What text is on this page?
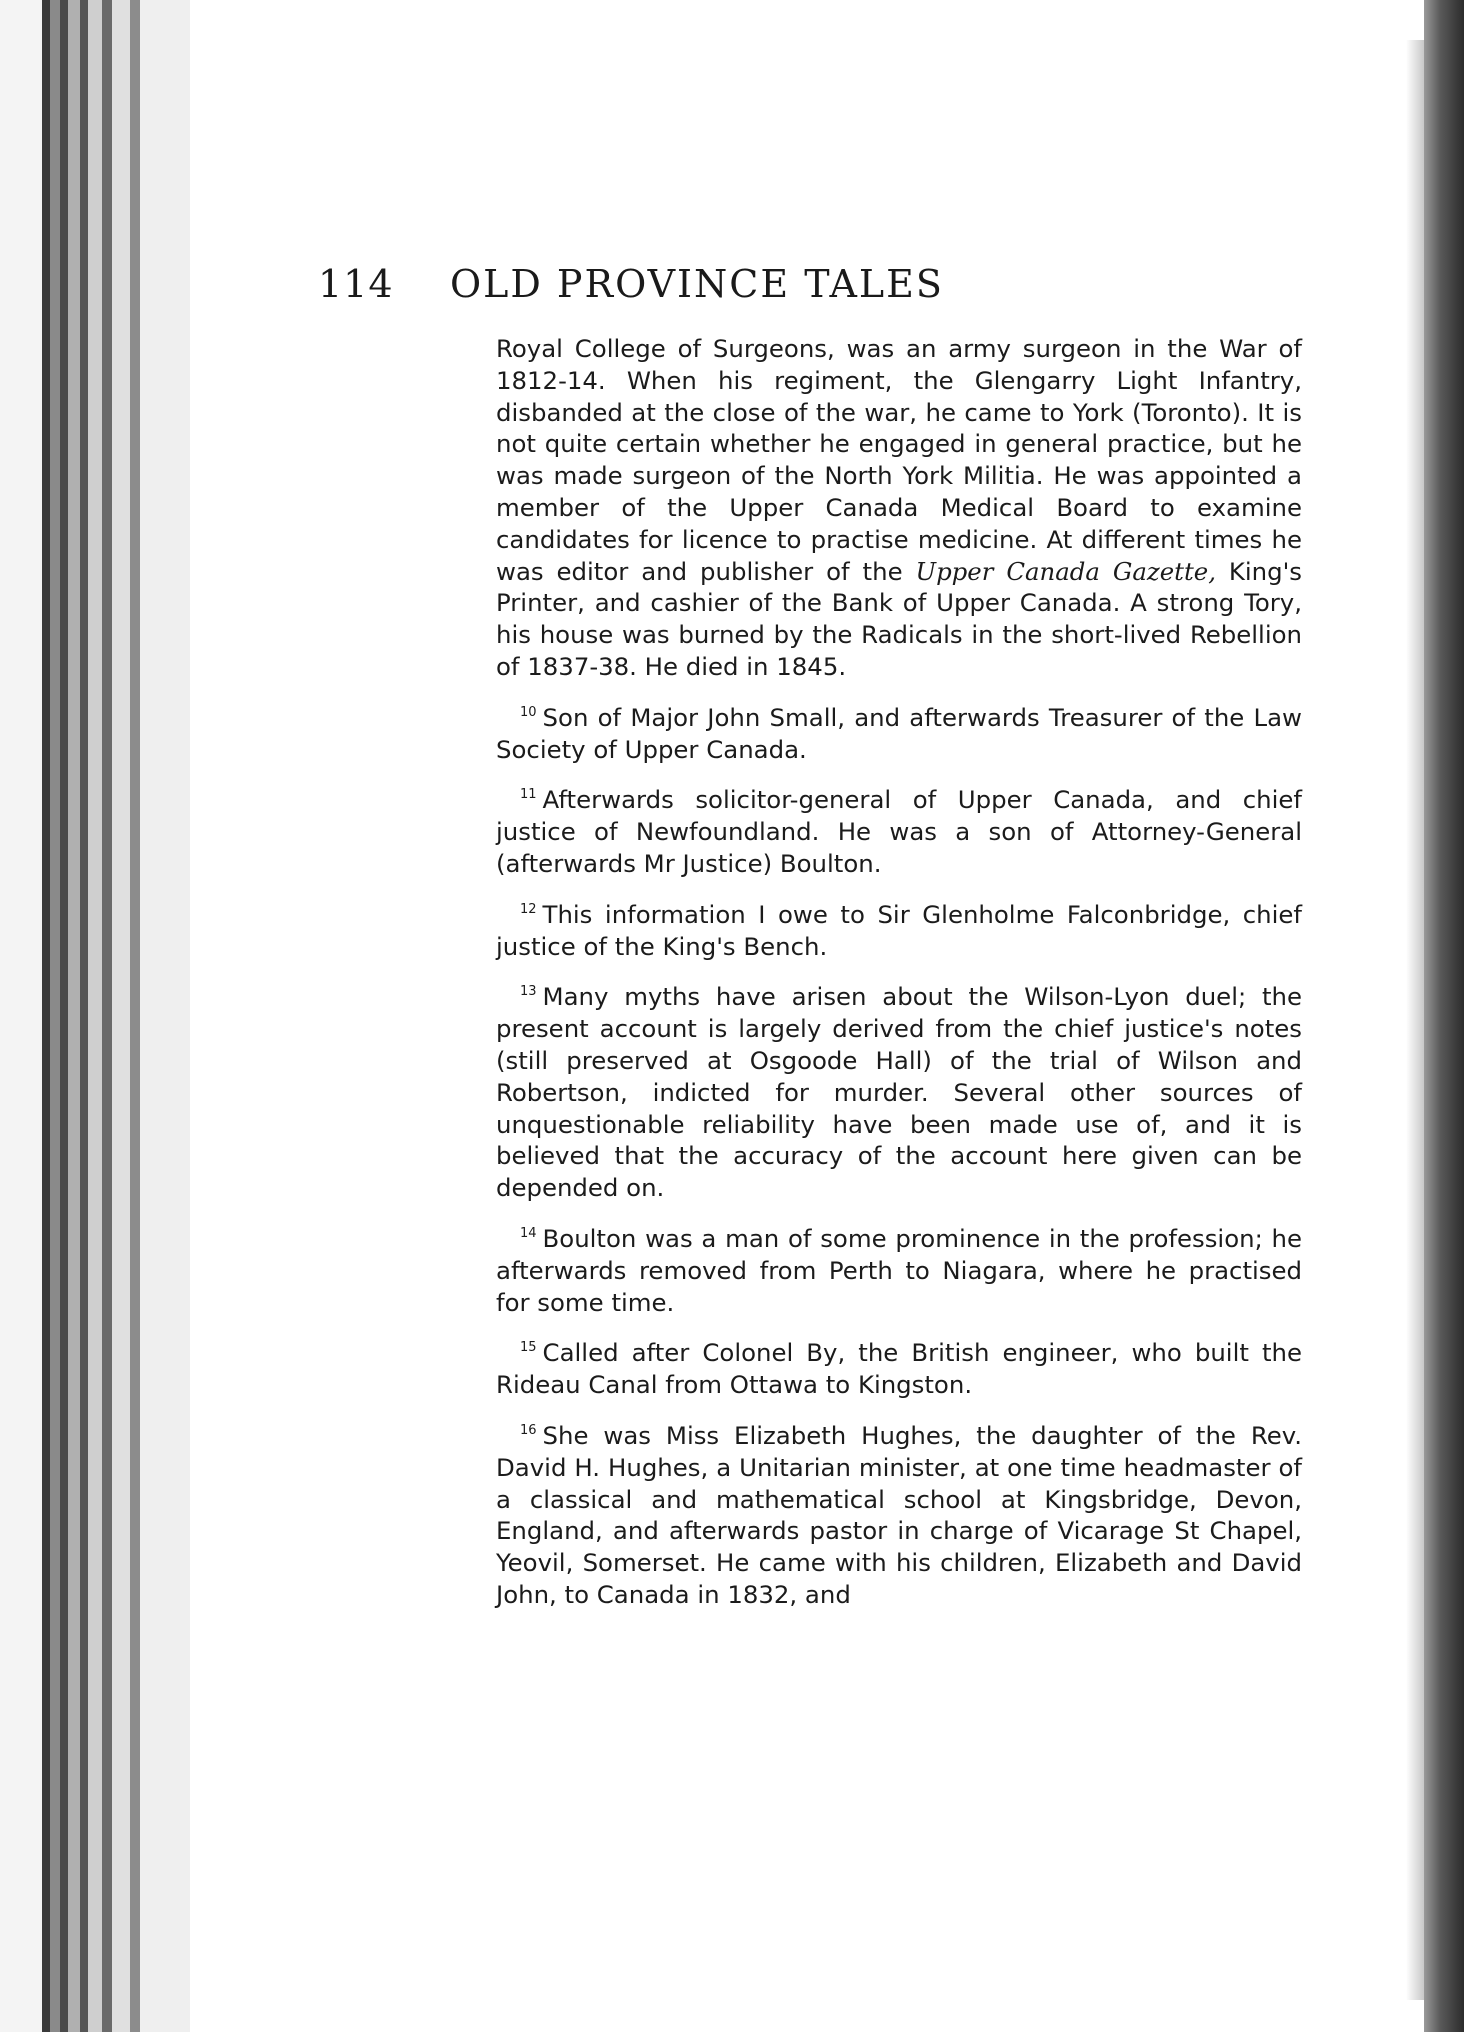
114 OLD PROVINCE TALES

Royal College of Surgeons, was an army surgeon in the War of 1812-14. When his regiment, the Glengarry Light Infantry, disbanded at the close of the war, he came to York (Toronto). It is not quite certain whether he engaged in general practice, but he was made surgeon of the North York Militia. He was appointed a member of the Upper Canada Medical Board to examine candidates for licence to practise medicine. At different times he was editor and publisher of the Upper Canada Gazette, King's Printer, and cashier of the Bank of Upper Canada. A strong Tory, his house was burned by the Radicals in the short-lived Rebellion of 1837-38. He died in 1845.

$^{10}$ Son of Major John Small, and afterwards Treasurer of the Law Society of Upper Canada.

$^{11}$ Afterwards solicitor-general of Upper Canada, and chief justice of Newfoundland. He was a son of Attorney-General (afterwards Mr Justice) Boulton.

$^{12}$ This information I owe to Sir Glenholme Falconbridge, chief justice of the King's Bench.

$^{13}$ Many myths have arisen about the Wilson-Lyon duel; the present account is largely derived from the chief justice's notes (still preserved at Osgoode Hall) of the trial of Wilson and Robertson, indicted for murder. Several other sources of unquestionable reliability have been made use of, and it is believed that the accuracy of the account here given can be depended on.

$^{14}$ Boulton was a man of some prominence in the profession; he afterwards removed from Perth to Niagara, where he practised for some time.

$^{15}$ Called after Colonel By, the British engineer, who built the Rideau Canal from Ottawa to Kingston.

$^{16}$ She was Miss Elizabeth Hughes, the daughter of the Rev. David H. Hughes, a Unitarian minister, at one time headmaster of a classical and mathematical school at Kingsbridge, Devon, England, and afterwards pastor in charge of Vicarage St Chapel, Yeovil, Somerset. He came with his children, Elizabeth and David John, to Canada in 1832, and
